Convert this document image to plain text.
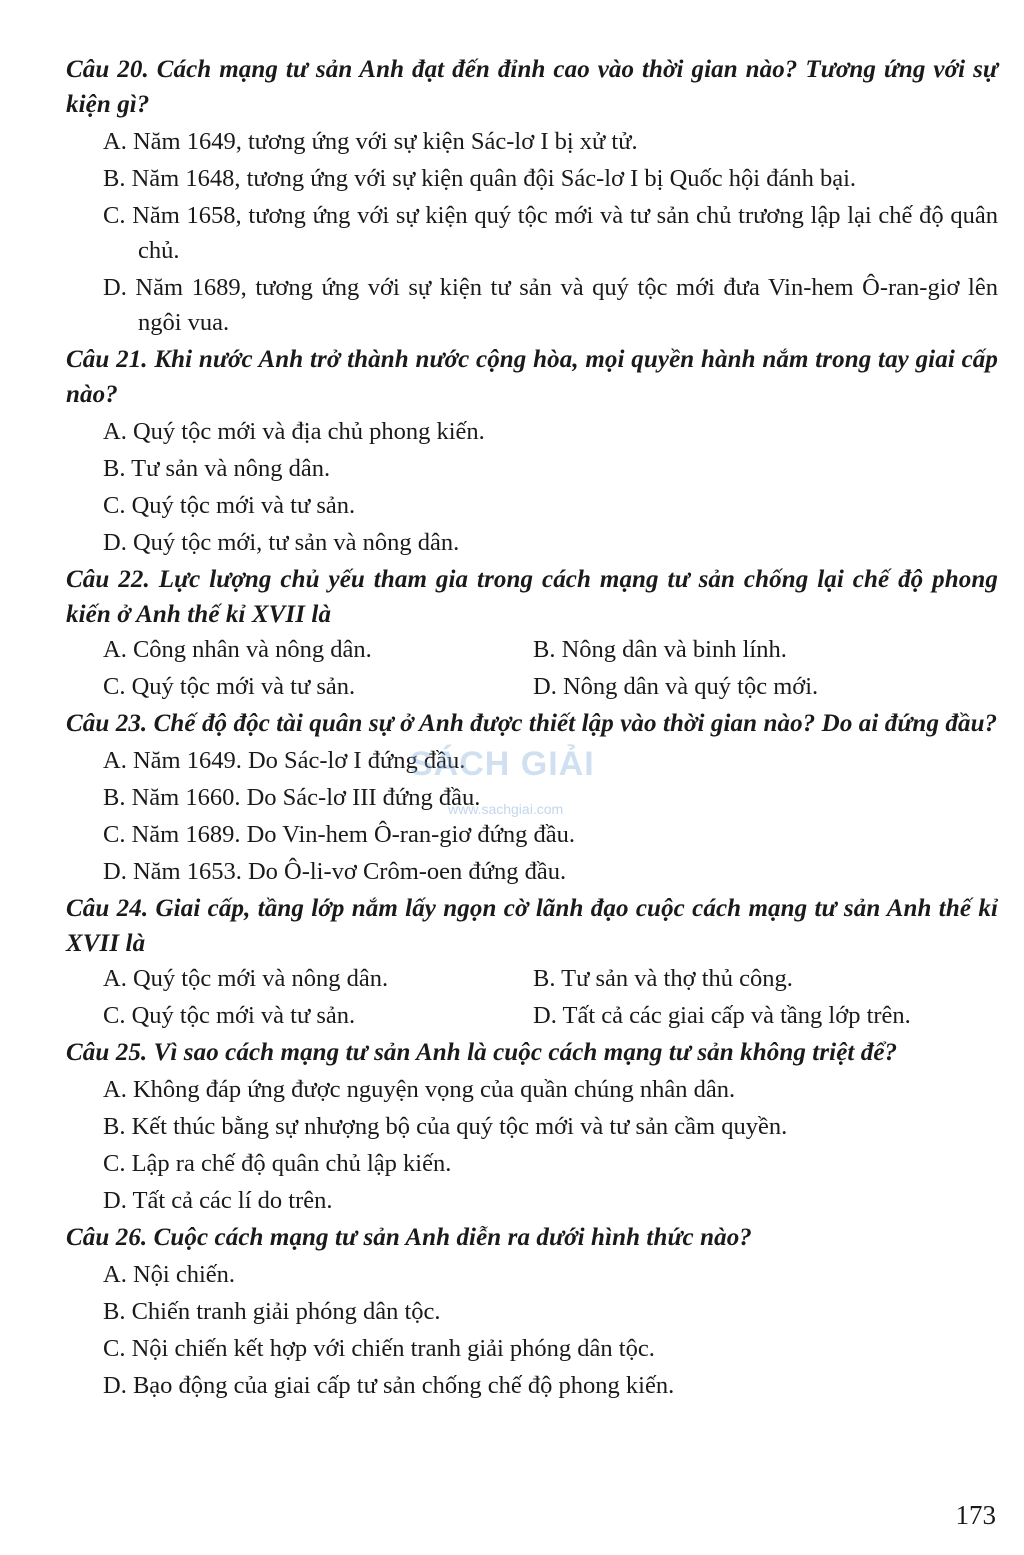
Câu 20. Cách mạng tư sản Anh đạt đến đỉnh cao vào thời gian nào? Tương ứng với sự kiện gì?

A. Năm 1649, tương ứng với sự kiện Sác-lơ I bị xử tử.

B. Năm 1648, tương ứng với sự kiện quân đội Sác-lơ I bị Quốc hội đánh bại.

C. Năm 1658, tương ứng với sự kiện quý tộc mới và tư sản chủ trương lập lại chế độ quân chủ.

D. Năm 1689, tương ứng với sự kiện tư sản và quý tộc mới đưa Vin-hem Ô-ran-giơ lên ngôi vua.

Câu 21. Khi nước Anh trở thành nước cộng hòa, mọi quyền hành nắm trong tay giai cấp nào?

A. Quý tộc mới và địa chủ phong kiến.

B. Tư sản và nông dân.

C. Quý tộc mới và tư sản.

D. Quý tộc mới, tư sản và nông dân.

Câu 22. Lực lượng chủ yếu tham gia trong cách mạng tư sản chống lại chế độ phong kiến ở Anh thế kỉ XVII là

A. Công nhân và nông dân.	B. Nông dân và binh lính.

C. Quý tộc mới và tư sản.	D. Nông dân và quý tộc mới.

Câu 23. Chế độ độc tài quân sự ở Anh được thiết lập vào thời gian nào? Do ai đứng đầu?

A. Năm 1649. Do Sác-lơ I đứng đầu.

B. Năm 1660. Do Sác-lơ III đứng đầu.

C. Năm 1689. Do Vin-hem Ô-ran-giơ đứng đầu.

D. Năm 1653. Do Ô-li-vơ Crôm-oen đứng đầu.

Câu 24. Giai cấp, tầng lớp nắm lấy ngọn cờ lãnh đạo cuộc cách mạng tư sản Anh thế kỉ XVII là

A. Quý tộc mới và nông dân.	B. Tư sản và thợ thủ công.

C. Quý tộc mới và tư sản.	D. Tất cả các giai cấp và tầng lớp trên.

Câu 25. Vì sao cách mạng tư sản Anh là cuộc cách mạng tư sản không triệt để?

A. Không đáp ứng được nguyện vọng của quần chúng nhân dân.

B. Kết thúc bằng sự nhượng bộ của quý tộc mới và tư sản cầm quyền.

C. Lập ra chế độ quân chủ lập kiến.

D. Tất cả các lí do trên.

Câu 26. Cuộc cách mạng tư sản Anh diễn ra dưới hình thức nào?

A. Nội chiến.

B. Chiến tranh giải phóng dân tộc.

C. Nội chiến kết hợp với chiến tranh giải phóng dân tộc.

D. Bạo động của giai cấp tư sản chống chế độ phong kiến.

SÁCH GIẢI
www.sachgiai.com
173
